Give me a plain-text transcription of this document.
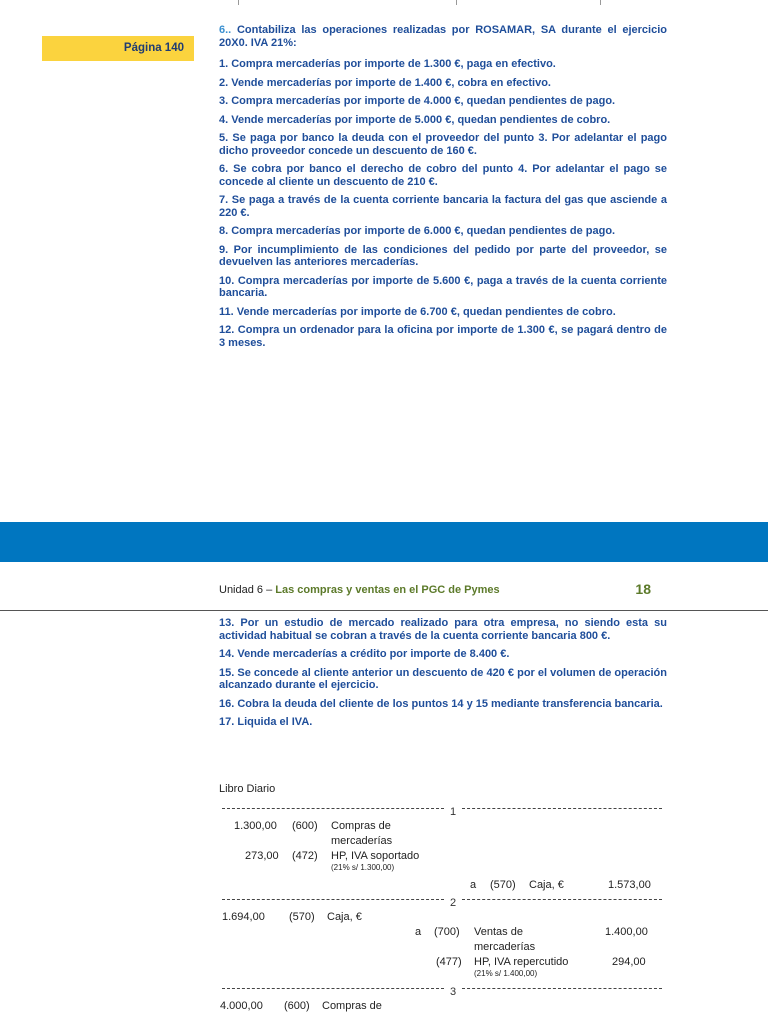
Página 140

6.. Contabiliza las operaciones realizadas por ROSAMAR, SA durante el ejercicio 20X0. IVA 21%:

1. Compra mercaderías por importe de 1.300 €, paga en efectivo.

2. Vende mercaderías por importe de 1.400 €, cobra en efectivo.

3. Compra mercaderías por importe de 4.000 €, quedan pendientes de pago.

4. Vende mercaderías por importe de 5.000 €, quedan pendientes de cobro.

5. Se paga por banco la deuda con el proveedor del punto 3. Por adelantar el pago dicho proveedor concede un descuento de 160 €.

6. Se cobra por banco el derecho de cobro del punto 4. Por adelantar el pago se concede al cliente un descuento de 210 €.

7. Se paga a través de la cuenta corriente bancaria la factura del gas que asciende a 220 €.

8. Compra mercaderías por importe de 6.000 €, quedan pendientes de pago.

9. Por incumplimiento de las condiciones del pedido por parte del proveedor, se devuelven las anteriores mercaderías.

10. Compra mercaderías por importe de 5.600 €, paga a través de la cuenta corriente bancaria.

11. Vende mercaderías por importe de 6.700 €, quedan pendientes de cobro.

12. Compra un ordenador para la oficina por importe de 1.300 €, se pagará dentro de 3 meses.

Unidad 6 – Las compras y ventas en el PGC de Pymes	18

13. Por un estudio de mercado realizado para otra empresa, no siendo esta su actividad habitual se cobran a través de la cuenta corriente bancaria 800 €.

14. Vende mercaderías a crédito por importe de 8.400 €.

15. Se concede al cliente anterior un descuento de 420 € por el volumen de operación alcanzado durante el ejercicio.

16. Cobra la deuda del cliente de los puntos 14 y 15 mediante transferencia bancaria.

17. Liquida el IVA.

Libro Diario
1
1.300,00 (600) Compras de
mercaderías
273,00 (472) HP, IVA soportado
(21% s/ 1.300,00)
a (570) Caja, €	1.573,00
2
1.694,00 (570) Caja, €
a (700) Ventas de	1.400,00
mercaderías
(477) HP, IVA repercutido	294,00
(21% s/ 1.400,00)
3
4.000,00 (600) Compras de
